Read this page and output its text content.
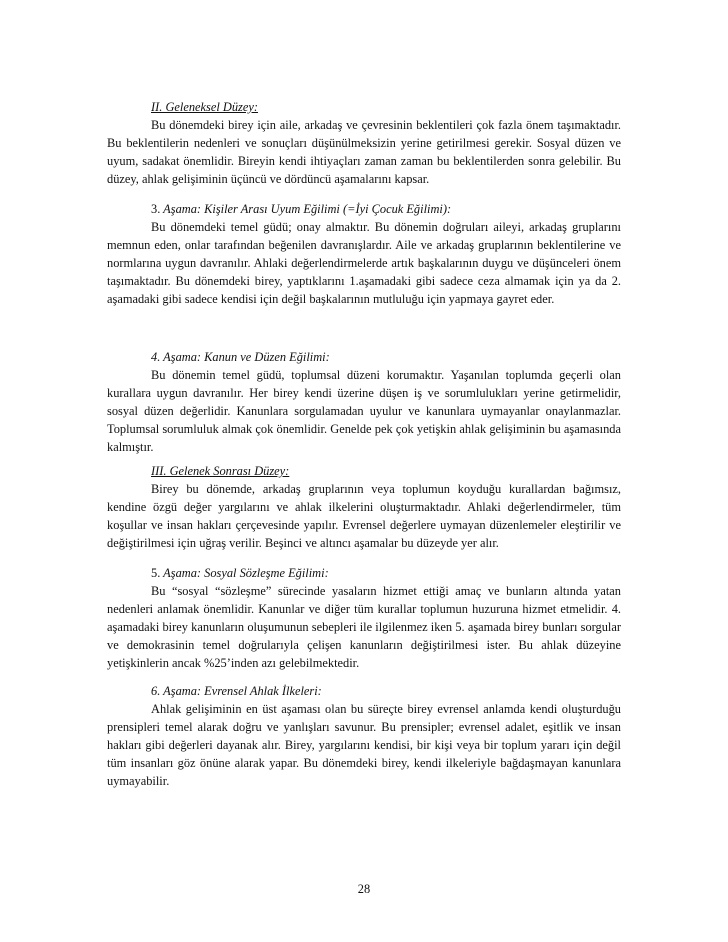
II. Geleneksel Düzey:

Bu dönemdeki birey için aile, arkadaş ve çevresinin beklentileri çok fazla önem taşımaktadır. Bu beklentilerin nedenleri ve sonuçları düşünülmeksizin yerine getirilmesi gerekir. Sosyal düzen ve uyum, sadakat önemlidir. Bireyin kendi ihtiyaçları zaman zaman bu beklentilerden sonra gelebilir. Bu düzey, ahlak gelişiminin üçüncü ve dördüncü aşamalarını kapsar.

3. Aşama: Kişiler Arası Uyum Eğilimi (=İyi Çocuk Eğilimi):

Bu dönemdeki temel güdü; onay almaktır. Bu dönemin doğruları aileyi, arkadaş gruplarını memnun eden, onlar tarafından beğenilen davranışlardır. Aile ve arkadaş gruplarının beklentilerine ve normlarına uygun davranılır. Ahlaki değerlendirmelerde artık başkalarının duygu ve düşünceleri önem taşımaktadır. Bu dönemdeki birey, yaptıklarını 1.aşamadaki gibi sadece ceza almamak için ya da 2. aşamadaki gibi sadece kendisi için değil başkalarının mutluluğu için yapmaya gayret eder.

4. Aşama: Kanun ve Düzen Eğilimi:

Bu dönemin temel güdü, toplumsal düzeni korumaktır. Yaşanılan toplumda geçerli olan kurallara uygun davranılır. Her birey kendi üzerine düşen iş ve sorumlulukları yerine getirmelidir, sosyal düzen değerlidir. Kanunlara sorgulamadan uyulur ve kanunlara uymayanlar onaylanmazlar. Toplumsal sorumluluk almak çok önemlidir. Genelde pek çok yetişkin ahlak gelişiminin bu aşamasında kalmıştır.

III. Gelenek Sonrası Düzey:

Birey bu dönemde, arkadaş gruplarının veya toplumun koyduğu kurallardan bağımsız, kendine özgü değer yargılarını ve ahlak ilkelerini oluşturmaktadır. Ahlaki değerlendirmeler, tüm koşullar ve insan hakları çerçevesinde yapılır. Evrensel değerlere uymayan düzenlemeler eleştirilir ve değiştirilmesi için uğraş verilir. Beşinci ve altıncı aşamalar bu düzeyde yer alır.

5. Aşama: Sosyal Sözleşme Eğilimi:

Bu “sosyal “sözleşme” sürecinde yasaların hizmet ettiği amaç ve bunların altında yatan nedenleri anlamak önemlidir. Kanunlar ve diğer tüm kurallar toplumun huzuruna hizmet etmelidir. 4. aşamadaki birey kanunların oluşumunun sebepleri ile ilgilenmez iken 5. aşamada birey bunları sorgular ve demokrasinin temel doğrularıyla çelişen kanunların değiştirilmesi ister. Bu ahlak düzeyine yetişkinlerin ancak %25’inden azı gelebilmektedir.

6. Aşama: Evrensel Ahlak İlkeleri:

Ahlak gelişiminin en üst aşaması olan bu süreçte birey evrensel anlamda kendi oluşturduğu prensipleri temel alarak doğru ve yanlışları savunur. Bu prensipler; evrensel adalet, eşitlik ve insan hakları gibi değerleri dayanak alır. Birey, yargılarını kendisi, bir kişi veya bir toplum yararı için değil tüm insanları göz önüne alarak yapar. Bu dönemdeki birey, kendi ilkeleriyle bağdaşmayan kanunlara uymayabilir.

28
